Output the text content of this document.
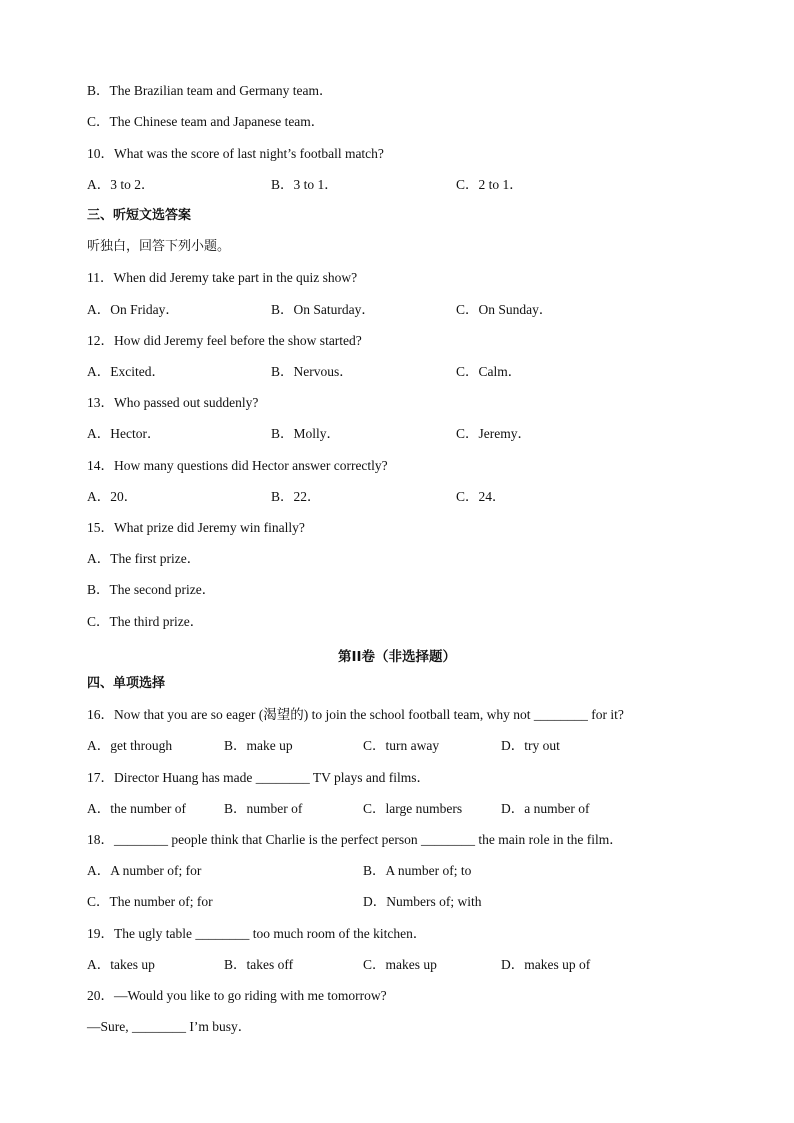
B．The Brazilian team and Germany team．
C．The Chinese team and Japanese team．
10．What was the score of last night’s football match?
A．3 to 2．	B．3 to 1．	C．2 to 1．
三、听短文选答案
听独白，回答下列小题。
11．When did Jeremy take part in the quiz show?
A．On Friday．	B．On Saturday．	C．On Sunday．
12．How did Jeremy feel before the show started?
A．Excited．	B．Nervous．	C．Calm．
13．Who passed out suddenly?
A．Hector．	B．Molly．	C．Jeremy．
14．How many questions did Hector answer correctly?
A．20．	B．22．	C．24．
15．What prize did Jeremy win finally?
A．The first prize．
B．The second prize．
C．The third prize．
第II卷（非选择题）
四、单项选择
16．Now that you are so eager (渴望的) to join the school football team, why not ________ for it?
A．get through	B．make up	C．turn away	D．try out
17．Director Huang has made ________ TV plays and films．
A．the number of	B．number of	C．large numbers	D．a number of
18．________ people think that Charlie is the perfect person ________ the main role in the film．
A．A number of; for	B．A number of; to
C．The number of; for	D．Numbers of; with
19．The ugly table ________ too much room of the kitchen．
A．takes up	B．takes off	C．makes up	D．makes up of
20．—Would you like to go riding with me tomorrow?
—Sure, ________ I’m busy．
